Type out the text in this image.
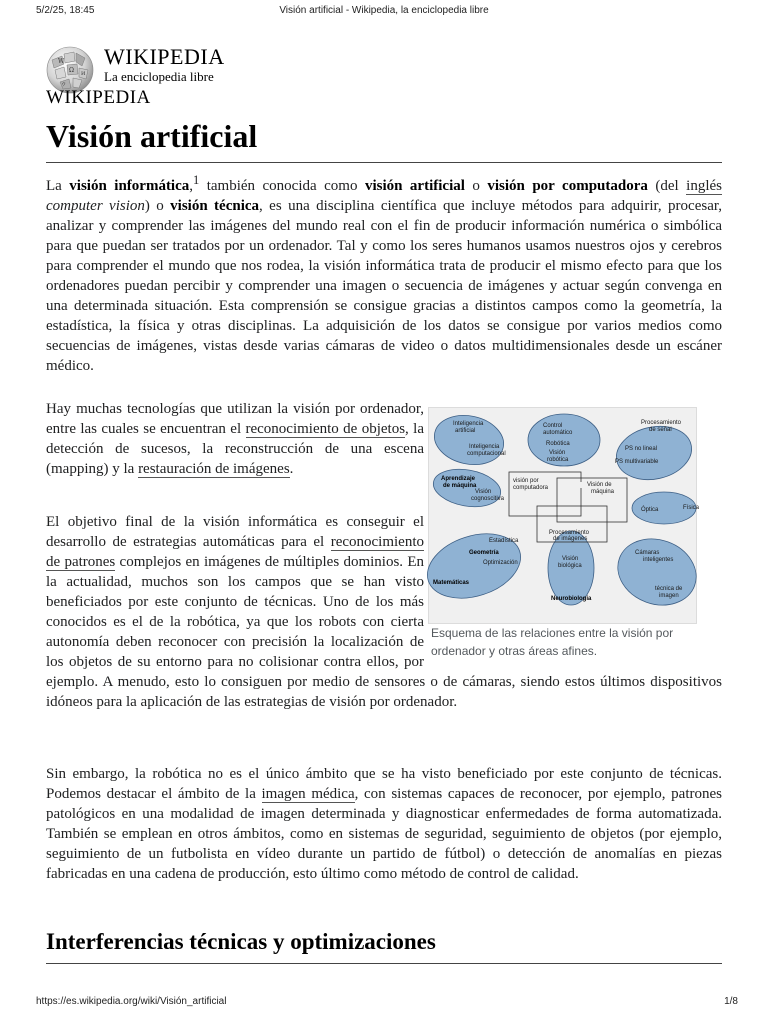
5/2/25, 18:45	Visión artificial - Wikipedia, la enciclopedia libre
W
Ω И
ウ
WIKIPEDIA
La enciclopedia libre
WIKIPEDIA
Visión artificial

La visión informática,$^1$ también conocida como visión artificial o visión por computadora (del inglés computer vision) o visión técnica, es una disciplina científica que incluye métodos para adquirir, procesar, analizar y comprender las imágenes del mundo real con el fin de producir información numérica o simbólica para que puedan ser tratados por un ordenador. Tal y como los seres humanos usamos nuestros ojos y cerebros para comprender el mundo que nos rodea, la visión informática trata de producir el mismo efecto para que los ordenadores puedan percibir y comprender una imagen o secuencia de imágenes y actuar según convenga en una determinada situación. Esta comprensión se consigue gracias a distintos campos como la geometría, la estadística, la física y otras disciplinas. La adquisición de los datos se consigue por varios medios como secuencias de imágenes, vistas desde varias cámaras de video o datos multidimensionales desde un escáner médico.

Hay muchas tecnologías que utilizan la visión por ordenador, entre las cuales se encuentran el reconocimiento de objetos, la detección de sucesos, la reconstrucción de una escena (mapping) y la restauración de imágenes.

El objetivo final de la visión informática es conseguir el desarrollo de estrategias automáticas para el reconocimiento de patrones complejos en imágenes de múltiples dominios. En la actualidad, muchos son los campos que se han visto beneficiados por este conjunto de técnicas. Uno de los más conocidos es el de la robótica, ya que los robots con cierta autonomía deben reconocer con precisión la localización de los objetos de su entorno para no colisionar contra ellos, por ejemplo. A menudo, esto lo consiguen por medio de sensores o de cámaras, siendo estos últimos dispositivos idóneos para la aplicación de las estrategias de visión por ordenador.

Sin embargo, la robótica no es el único ámbito que se ha visto beneficiado por este conjunto de técnicas. Podemos destacar el ámbito de la imagen médica, con sistemas capaces de reconocer, por ejemplo, patrones patológicos en una modalidad de imagen determinada y diagnosticar enfermedades de forma automatizada. También se emplean en otros ámbitos, como en sistemas de seguridad, seguimiento de objetos (por ejemplo, seguimiento de un futbolista en vídeo durante un partido de fútbol) o detección de anomalías en piezas fabricadas en una cadena de producción, esto último como método de control de calidad.

Inteligencia
artificial
Inteligencia
computacional
Control
automático
Robótica
Visión
robótica
Procesamiento
de señal
PS no lineal
PS multivariable
Aprendizaje
de máquina
Visión
cognoscitiva
visión por
computadora	Visión de
máquina
Óptica	Física
Estadística
Procesamiento
de imágenes
Geometría
Optimización
Matemáticas
Visión
biológica
Neurobiología
Cámaras
inteligentes
técnica de
imagen
Esquema de las relaciones entre la visión por ordenador y otras áreas afines.
Interferencias técnicas y optimizaciones
https://es.wikipedia.org/wiki/Visión_artificial	1/8
